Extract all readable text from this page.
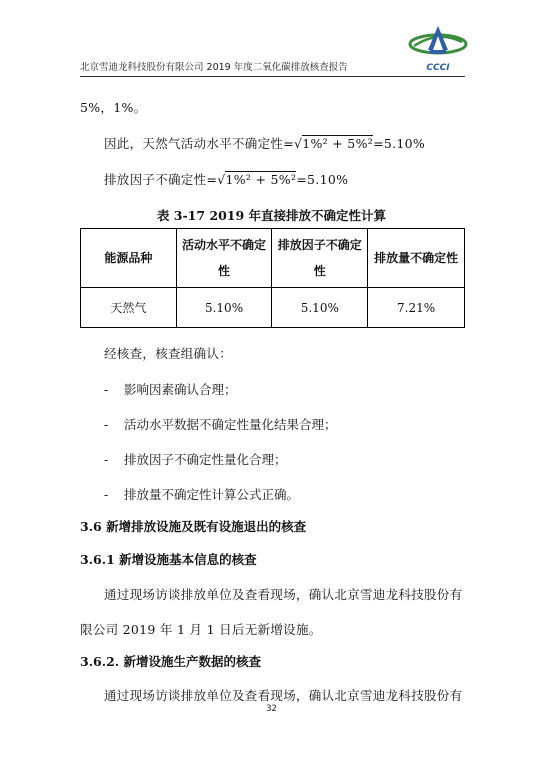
北京雪迪龙科技股份有限公司 2019 年度二氧化碳排放核查报告	CCCI
5%，1%。
因此，天然气活动水平不确定性=√1%² + 5%²=5.10%
排放因子不确定性=√1%² + 5%²=5.10%
表 3-17 2019 年直接排放不确定性计算
能源品种	活动水平不确定性	排放因子不确定性	排放量不确定性
天然气	5.10%	5.10%	7.21%
经核查，核查组确认：
- 影响因素确认合理；
- 活动水平数据不确定性量化结果合理；
- 排放因子不确定性量化合理；
- 排放量不确定性计算公式正确。
3.6 新增排放设施及既有设施退出的核查
3.6.1 新增设施基本信息的核查
通过现场访谈排放单位及查看现场，确认北京雪迪龙科技股份有
限公司 2019 年 1 月 1 日后无新增设施。
3.6.2. 新增设施生产数据的核查
通过现场访谈排放单位及查看现场，确认北京雪迪龙科技股份有
32
